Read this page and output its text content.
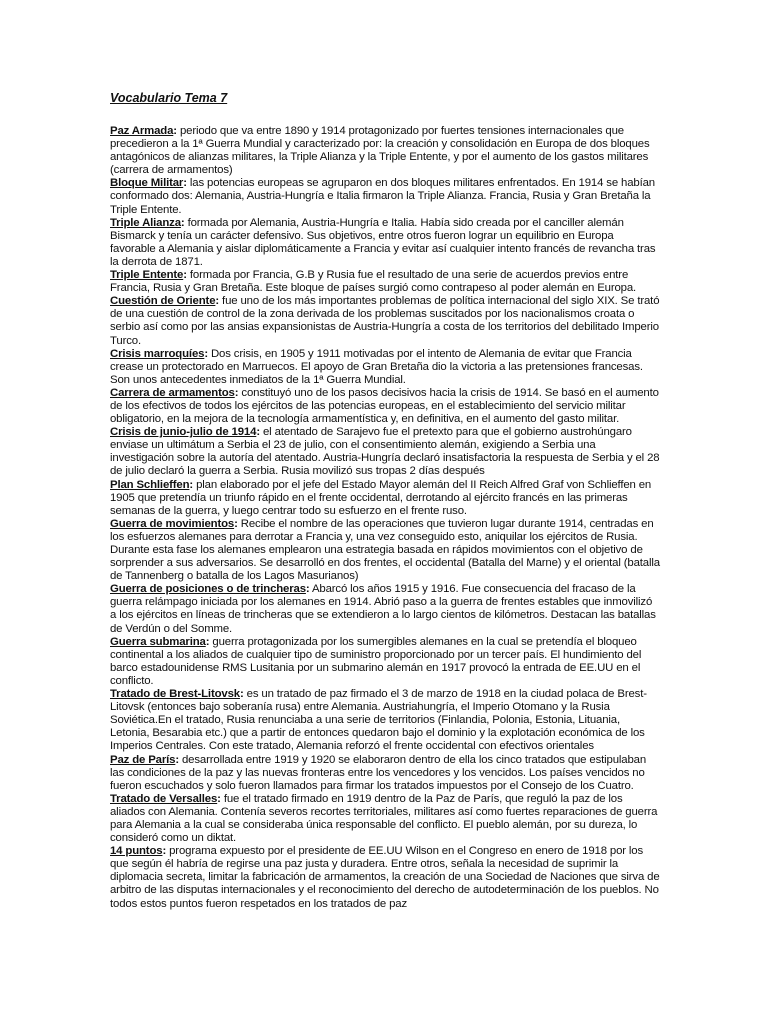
Vocabulario Tema 7

Paz Armada: periodo que va entre 1890 y 1914 protagonizado por fuertes tensiones internacionales que precedieron a la 1ª Guerra Mundial y caracterizado por: la creación y consolidación en Europa de dos bloques antagónicos de alianzas militares, la Triple Alianza y la Triple Entente, y por el aumento de los gastos militares (carrera de armamentos)

Bloque Militar: las potencias europeas se agruparon en dos bloques militares enfrentados. En 1914 se habían conformado dos: Alemania, Austria-Hungría e Italia firmaron la Triple Alianza. Francia, Rusia y Gran Bretaña la Triple Entente.

Triple Alianza: formada por Alemania, Austria-Hungría e Italia. Había sido creada por el canciller alemán Bismarck y tenía un carácter defensivo. Sus objetivos, entre otros fueron lograr un equilibrio en Europa favorable a Alemania y aislar diplomáticamente a Francia y evitar así cualquier intento francés de revancha tras la derrota de 1871.

Triple Entente: formada por Francia, G.B y Rusia fue el resultado de una serie de acuerdos previos entre Francia, Rusia y Gran Bretaña. Este bloque de países surgió como contrapeso al poder alemán en Europa.

Cuestión de Oriente: fue uno de los más importantes problemas de política internacional del siglo XIX. Se trató de una cuestión de control de la zona derivada de los problemas suscitados por los nacionalismos croata o serbio así como por las ansias expansionistas de Austria-Hungría a costa de los territorios del debilitado Imperio Turco.

Crisis marroquíes: Dos crisis, en 1905 y 1911 motivadas por el intento de Alemania de evitar que Francia crease un protectorado en Marruecos. El apoyo de Gran Bretaña dio la victoria a las pretensiones francesas. Son unos antecedentes inmediatos de la 1ª Guerra Mundial.

Carrera de armamentos: constituyó uno de los pasos decisivos hacia la crisis de 1914. Se basó en el aumento de los efectivos de todos los ejércitos de las potencias europeas, en el establecimiento del servicio militar obligatorio, en la mejora de la tecnología armamentística y, en definitiva, en el aumento del gasto militar.

Crisis de junio-julio de 1914: el atentado de Sarajevo fue el pretexto para que el gobierno austrohúngaro enviase un ultimátum a Serbia el 23 de julio, con el consentimiento alemán, exigiendo a Serbia una investigación sobre la autoría del atentado. Austria-Hungría declaró insatisfactoria la respuesta de Serbia y el 28 de julio declaró la guerra a Serbia. Rusia movilizó sus tropas 2 días después

Plan Schlieffen: plan elaborado por el jefe del Estado Mayor alemán del II Reich Alfred Graf von Schlieffen en 1905 que pretendía un triunfo rápido en el frente occidental, derrotando al ejército francés en las primeras semanas de la guerra, y luego centrar todo su esfuerzo en el frente ruso.

Guerra de movimientos: Recibe el nombre de las operaciones que tuvieron lugar durante 1914, centradas en los esfuerzos alemanes para derrotar a Francia y, una vez conseguido esto, aniquilar los ejércitos de Rusia. Durante esta fase los alemanes emplearon una estrategia basada en rápidos movimientos con el objetivo de sorprender a sus adversarios. Se desarrolló en dos frentes, el occidental (Batalla del Marne) y el oriental (batalla de Tannenberg o batalla de los Lagos Masurianos)

Guerra de posiciones o de trincheras: Abarcó los años 1915 y 1916. Fue consecuencia del fracaso de la guerra relámpago iniciada por los alemanes en 1914. Abrió paso a la guerra de frentes estables que inmovilizó a los ejércitos en líneas de trincheras que se extendieron a lo largo cientos de kilómetros. Destacan las batallas de Verdún o del Somme.

Guerra submarina: guerra protagonizada por los sumergibles alemanes en la cual se pretendía el bloqueo continental a los aliados de cualquier tipo de suministro proporcionado por un tercer país. El hundimiento del barco estadounidense RMS Lusitania por un submarino alemán en 1917 provocó la entrada de EE.UU en el conflicto.

Tratado de Brest-Litovsk: es un tratado de paz firmado el 3 de marzo de 1918 en la ciudad polaca de Brest-Litovsk (entonces bajo soberanía rusa) entre Alemania. Austriahungría, el Imperio Otomano y la Rusia Soviética.En el tratado, Rusia renunciaba a una serie de territorios (Finlandia, Polonia, Estonia, Lituania, Letonia, Besarabia etc.) que a partir de entonces quedaron bajo el dominio y la explotación económica de los Imperios Centrales. Con este tratado, Alemania reforzó el frente occidental con efectivos orientales

Paz de París: desarrollada entre 1919 y 1920 se elaboraron dentro de ella los cinco tratados que estipulaban las condiciones de la paz y las nuevas fronteras entre los vencedores y los vencidos. Los países vencidos no fueron escuchados y solo fueron llamados para firmar los tratados impuestos por el Consejo de los Cuatro.

Tratado de Versalles: fue el tratado firmado en 1919 dentro de la Paz de París, que reguló la paz de los aliados con Alemania. Contenía severos recortes territoriales, militares así como fuertes reparaciones de guerra para Alemania a la cual se consideraba única responsable del conflicto. El pueblo alemán, por su dureza, lo consideró como un diktat.

14 puntos: programa expuesto por el presidente de EE.UU Wilson en el Congreso en enero de 1918 por los que según él habría de regirse una paz justa y duradera. Entre otros, señala la necesidad de suprimir la diplomacia secreta, limitar la fabricación de armamentos, la creación de una Sociedad de Naciones que sirva de arbitro de las disputas internacionales y el reconocimiento del derecho de autodeterminación de los pueblos. No todos estos puntos fueron respetados en los tratados de paz
